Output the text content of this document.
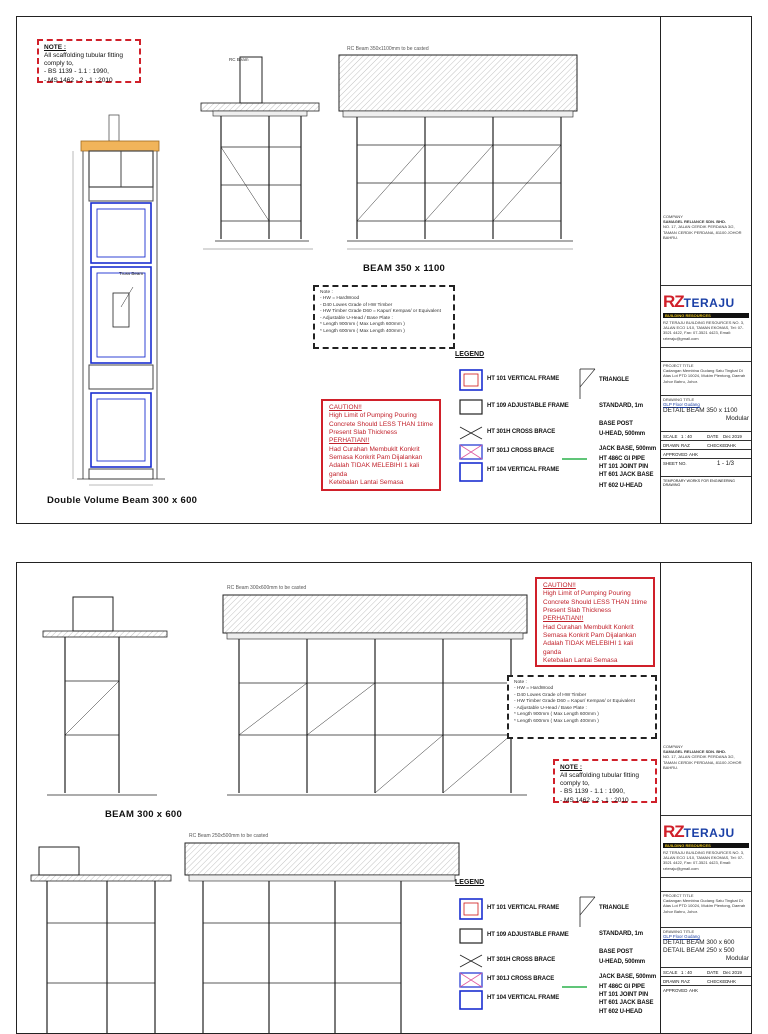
Truss Beam
RC Beam
RC Beam 350x1100mm to be casted
NOTE :
All scaffolding tubular fitting
comply to,
- BS 1139 - 1.1 : 1990,
- MS 1462 - 2 - 1 : 2010
Note :
- HW = HardWood
- D40 Lowes Grade of HW Timber
- HW Timber Grade D60 = Kapur/ Kempas/ or Equivalent
- Adjustable U-Head / Base Plate :
* Length 900mm ( Max Length 600mm )
* Length 600mm ( Max Length 400mm )
CAUTION!!
High Limit of Pumping Pouring
Concrete Should LESS THAN 1time
Present Slab Thickness
PERHATIAN!!
Had Curahan Membuklt Konkrit
Semasa Konkrit Pam Dijalankan
Adalah TIDAK MELEBIHI 1 kali ganda
Ketebalan Lantai Semasa
LEGEND
HT 101 VERTICAL FRAME
HT 109 ADJUSTABLE FRAME
HT 301H CROSS BRACE
HT 301J CROSS BRACE
HT 104 VERTICAL FRAME
TRIANGLE
STANDARD, 1m
BASE POST
U-HEAD, 500mm
JACK BASE, 500mm
HT 486C GI PIPE
HT 101 JOINT PIN
HT 601 JACK BASE
HT 602 U-HEAD
BEAM 350 x 1100
Double Volume Beam 300 x 600
COMPANY
SAMAGEL RELIANCE SDN. BHD.
NO. 17, JALAN CERDIK PERDANA 3/2, TAMAN CERDIK PERDANA, 81100 JOHOR BAHRU.
RZTERAJU
BUILDING RESOURCES
RZ TERAJU BUILDING RESOURCES NO. 3, JALAN ECO 1/10, TAMAN EKOMAS, Tel: 07-3521 4422, Fax: 07-3521 4423, Email: rzteraju@gmail.com
PROJECT TITLE
Cadangan Membina Gudang Satu Tingkat Di Atas Lot PTD 10024, Mukim Plentong, Daerah Johor Bahru, Johor.
DRAWING TITLE
GLP Floor Gudang
DETAIL BEAM 350 x 1100
Modular
SCALE 1 : 40	DATE Dec 2019
DRAWN RAZ	CHECKED
AHK
APPROVED AHK
SHEET NO.	1 - 1/3
TEMPORARY WORKS FOR ENGINEERING DRAWING
RC Beam 300x600mm to be casted
RC Beam 250x500mm to be casted
CAUTION!!
High Limit of Pumping Pouring
Concrete Should LESS THAN 1time
Present Slab Thickness
PERHATIAN!!
Had Curahan Membuklt Konkrit
Semasa Konkrit Pam Dijalankan
Adalah TIDAK MELEBIHI 1 kali ganda
Ketebalan Lantai Semasa
Note :
- HW = HardWood
- D40 Lowes Grade of HW Timber
- HW Timber Grade D60 = Kapur/ Kempas/ or Equivalent
- Adjustable U-Head / Base Plate :
* Length 900mm ( Max Length 600mm )
* Length 600mm ( Max Length 400mm )
NOTE :
All scaffolding tubular fitting
comply to,
- BS 1139 - 1.1 : 1990,
- MS 1462 - 2 - 1 : 2010
BEAM 300 x 600
LEGEND
HT 101 VERTICAL FRAME
HT 109 ADJUSTABLE FRAME
HT 301H CROSS BRACE
HT 301J CROSS BRACE
HT 104 VERTICAL FRAME
TRIANGLE
STANDARD, 1m
BASE POST
U-HEAD, 500mm
JACK BASE, 500mm
HT 486C GI PIPE
HT 101 JOINT PIN
HT 601 JACK BASE
HT 602 U-HEAD
COMPANY
SAMAGEL RELIANCE SDN. BHD.
NO. 17, JALAN CERDIK PERDANA 3/2, TAMAN CERDIK PERDANA, 81100 JOHOR BAHRU.
RZTERAJU
BUILDING RESOURCES
RZ TERAJU BUILDING RESOURCES NO. 3, JALAN ECO 1/10, TAMAN EKOMAS, Tel: 07-3521 4422, Fax: 07-3521 4423, Email: rzteraju@gmail.com
PROJECT TITLE
Cadangan Membina Gudang Satu Tingkat Di Atas Lot PTD 10024, Mukim Plentong, Daerah Johor Bahru, Johor.
DRAWING TITLE
GLP Floor Gudang
DETAIL BEAM 300 x 600
DETAIL BEAM 250 x 500
Modular
SCALE 1 : 40	DATE Dec 2019
DRAWN RAZ	CHECKED
AHK
APPROVED AHK
